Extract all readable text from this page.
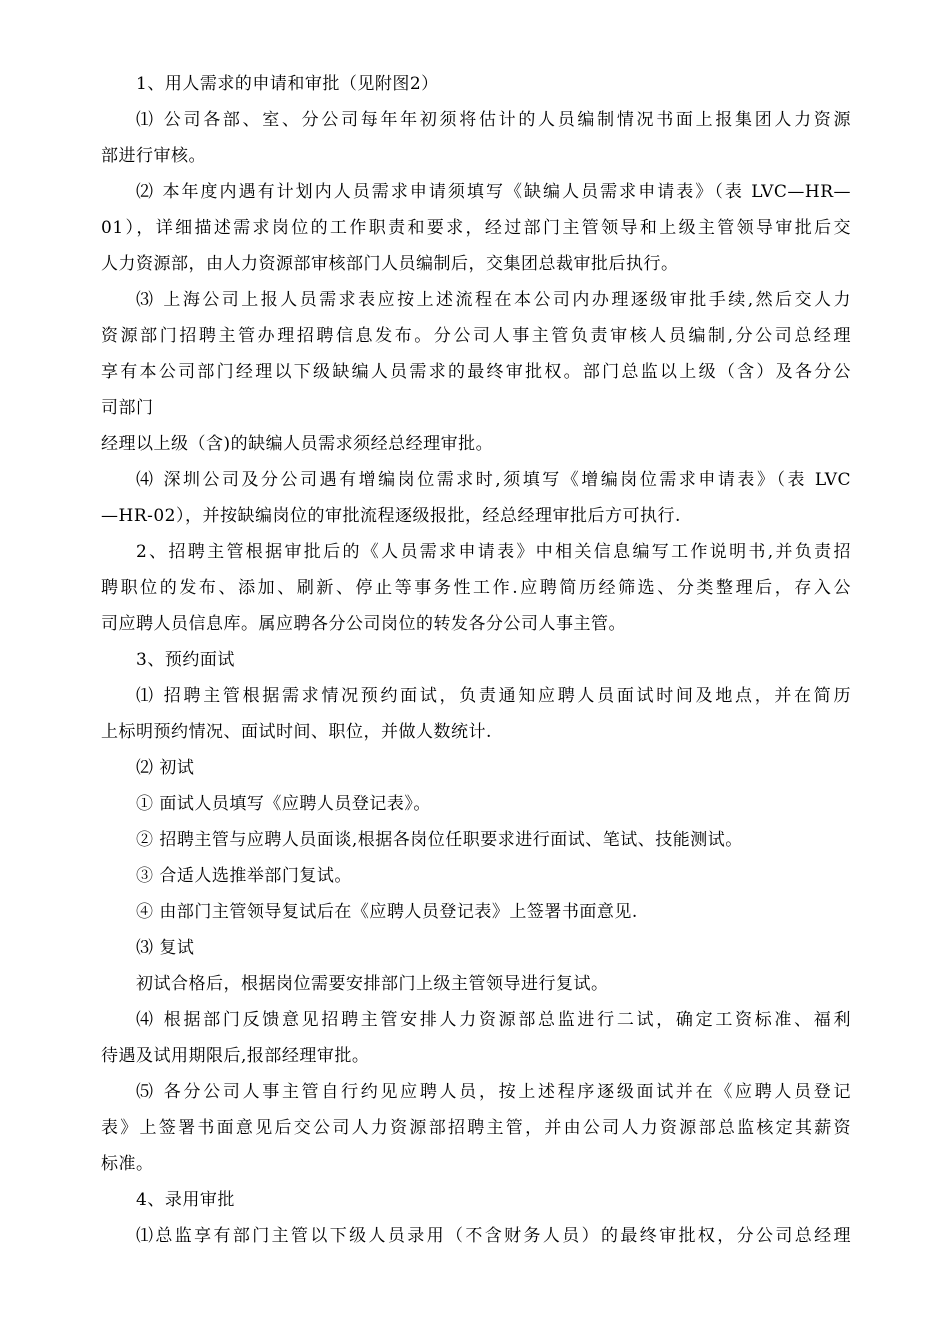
1、用人需求的申请和审批（见附图2）
⑴ 公司各部、室、分公司每年年初须将估计的人员编制情况书面上报集团人力资源
部进行审核。
⑵ 本年度内遇有计划内人员需求申请须填写《缺编人员需求申请表》（表 LVC—HR—
01），详细描述需求岗位的工作职责和要求，经过部门主管领导和上级主管领导审批后交
人力资源部，由人力资源部审核部门人员编制后，交集团总裁审批后执行。
⑶ 上海公司上报人员需求表应按上述流程在本公司内办理逐级审批手续,然后交人力
资源部门招聘主管办理招聘信息发布。分公司人事主管负责审核人员编制,分公司总经理
享有本公司部门经理以下级缺编人员需求的最终审批权。部门总监以上级（含）及各分公
司部门
经理以上级（含)的缺编人员需求须经总经理审批。
⑷ 深圳公司及分公司遇有增编岗位需求时,须填写《增编岗位需求申请表》（表 LVC
—HR-02），并按缺编岗位的审批流程逐级报批，经总经理审批后方可执行.
2、招聘主管根据审批后的《人员需求申请表》中相关信息编写工作说明书,并负责招
聘职位的发布、添加、刷新、停止等事务性工作.应聘简历经筛选、分类整理后，存入公
司应聘人员信息库。属应聘各分公司岗位的转发各分公司人事主管。
3、预约面试
⑴ 招聘主管根据需求情况预约面试，负责通知应聘人员面试时间及地点，并在简历
上标明预约情况、面试时间、职位，并做人数统计.
⑵ 初试
① 面试人员填写《应聘人员登记表》。
② 招聘主管与应聘人员面谈,根据各岗位任职要求进行面试、笔试、技能测试。
③ 合适人选推举部门复试。
④ 由部门主管领导复试后在《应聘人员登记表》上签署书面意见.
⑶ 复试
初试合格后，根据岗位需要安排部门上级主管领导进行复试。
⑷ 根据部门反馈意见招聘主管安排人力资源部总监进行二试，确定工资标准、福利
待遇及试用期限后,报部经理审批。
⑸ 各分公司人事主管自行约见应聘人员，按上述程序逐级面试并在《应聘人员登记
表》上签署书面意见后交公司人力资源部招聘主管，并由公司人力资源部总监核定其薪资
标准。
4、录用审批
⑴总监享有部门主管以下级人员录用（不含财务人员）的最终审批权，分公司总经理
